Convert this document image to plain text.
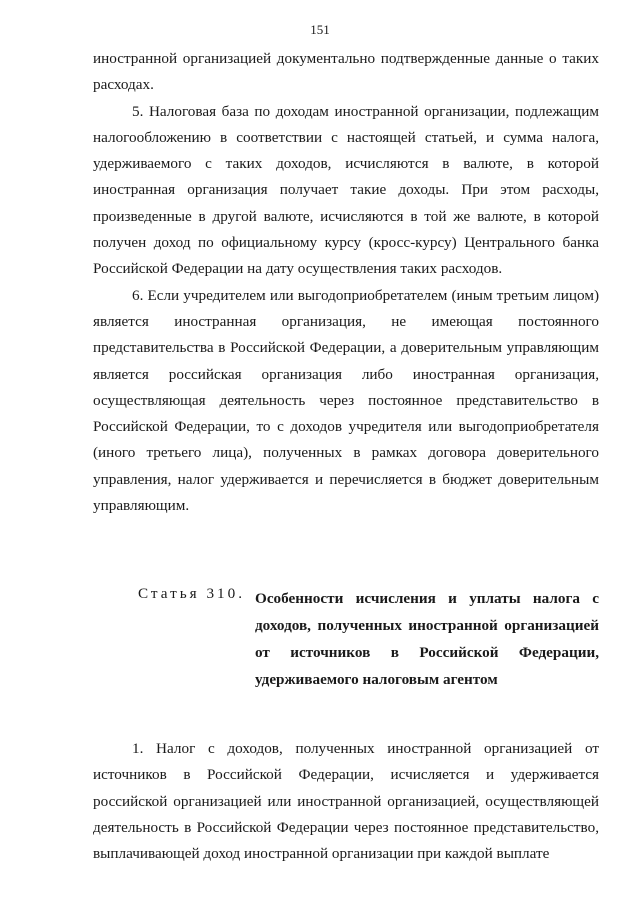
151

иностранной организацией документально подтвержденные данные о таких расходах.

5. Налоговая база по доходам иностранной организации, подлежащим налогообложению в соответствии с настоящей статьей, и сумма налога, удерживаемого с таких доходов, исчисляются в валюте, в которой иностранная организация получает такие доходы. При этом расходы, произведенные в другой валюте, исчисляются в той же валюте, в которой получен доход по официальному курсу (кросс-курсу) Центрального банка Российской Федерации на дату осуществления таких расходов.

6. Если учредителем или выгодоприобретателем (иным третьим лицом) является иностранная организация, не имеющая постоянного представительства в Российской Федерации, а доверительным управляющим является российская организация либо иностранная организация, осуществляющая деятельность через постоянное представительство в Российской Федерации, то с доходов учредителя или выгодоприобретателя (иного третьего лица), полученных в рамках договора доверительного управления, налог удерживается и перечисляется в бюджет доверительным управляющим.

Статья 310. Особенности исчисления и уплаты налога с доходов, полученных иностранной организацией от источников в Российской Федерации, удерживаемого налоговым агентом

1. Налог с доходов, полученных иностранной организацией от источников в Российской Федерации, исчисляется и удерживается российской организацией или иностранной организацией, осуществляющей деятельность в Российской Федерации через постоянное представительство, выплачивающей доход иностранной организации при каждой выплате
